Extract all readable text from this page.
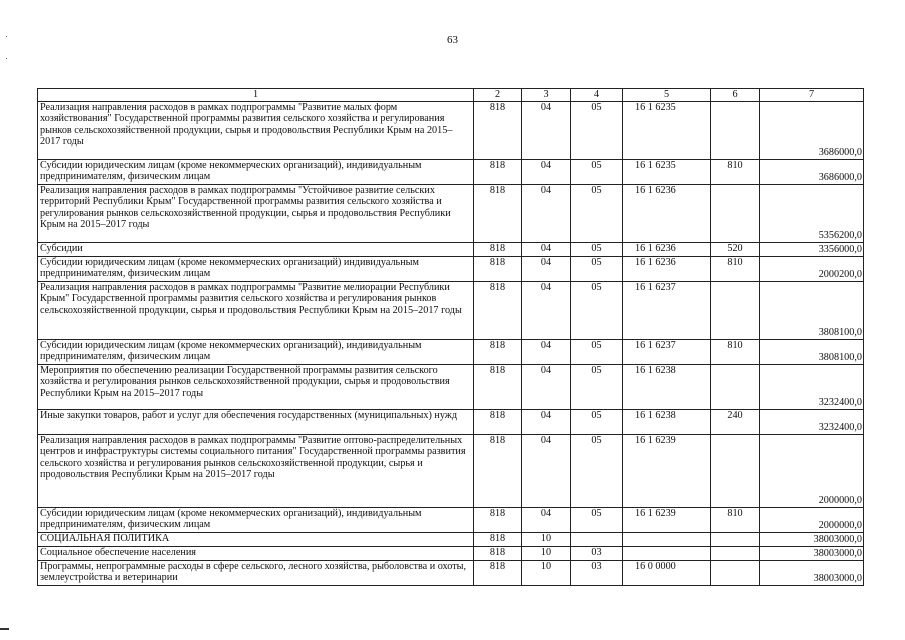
63
1	2	3	4	5	6	7
Реализация направления расходов в рамках подпрограммы "Развитие малых форм хозяйствования" Государственной программы развития сельского хозяйства и регулирования рынков сельскохозяйственной продукции, сырья и продовольствия Республики Крым на 2015–2017 годы	818	04	05	16 1 6235		3686000,0
Субсидии юридическим лицам (кроме некоммерческих организаций), индивидуальным предпринимателям, физическим лицам	818	04	05	16 1 6235	810	3686000,0
Реализация направления расходов в рамках подпрограммы "Устойчивое развитие сельских территорий Республики Крым" Государственной программы развития сельского хозяйства и регулирования рынков сельскохозяйственной продукции, сырья и продовольствия Республики Крым на 2015–2017 годы	818	04	05	16 1 6236		5356200,0
Субсидии	818	04	05	16 1 6236	520	3356000,0
Субсидии юридическим лицам (кроме некоммерческих организаций) индивидуальным предпринимателям, физическим лицам	818	04	05	16 1 6236	810	2000200,0
Реализация направления расходов в рамках подпрограммы "Развитие мелиорации Республики Крым" Государственной программы развития сельского хозяйства и регулирования рынков сельскохозяйственной продукции, сырья и продовольствия Республики Крым на 2015–2017 годы	818	04	05	16 1 6237		3808100,0
Субсидии юридическим лицам (кроме некоммерческих организаций), индивидуальным предпринимателям, физическим лицам	818	04	05	16 1 6237	810	3808100,0
Мероприятия по обеспечению реализации Государственной программы развития сельского хозяйства и регулирования рынков сельскохозяйственной продукции, сырья и продовольствия Республики Крым на 2015–2017 годы	818	04	05	16 1 6238		3232400,0
Иные закупки товаров, работ и услуг для обеспечения государственных (муниципальных) нужд	818	04	05	16 1 6238	240	3232400,0
Реализация направления расходов в рамках подпрограммы "Развитие оптово-распределительных центров и инфраструктуры системы социального питания" Государственной программы развития сельского хозяйства и регулирования рынков сельскохозяйственной продукции, сырья и продовольствия Республики Крым на 2015–2017 годы	818	04	05	16 1 6239		2000000,0
Субсидии юридическим лицам (кроме некоммерческих организаций), индивидуальным предпринимателям, физическим лицам	818	04	05	16 1 6239	810	2000000,0
СОЦИАЛЬНАЯ ПОЛИТИКА	818	10				38003000,0
Социальное обеспечение населения	818	10	03			38003000,0
Программы, непрограммные расходы в сфере сельского, лесного хозяйства, рыболовства и охоты, землеустройства и ветеринарии	818	10	03	16 0 0000		38003000,0
